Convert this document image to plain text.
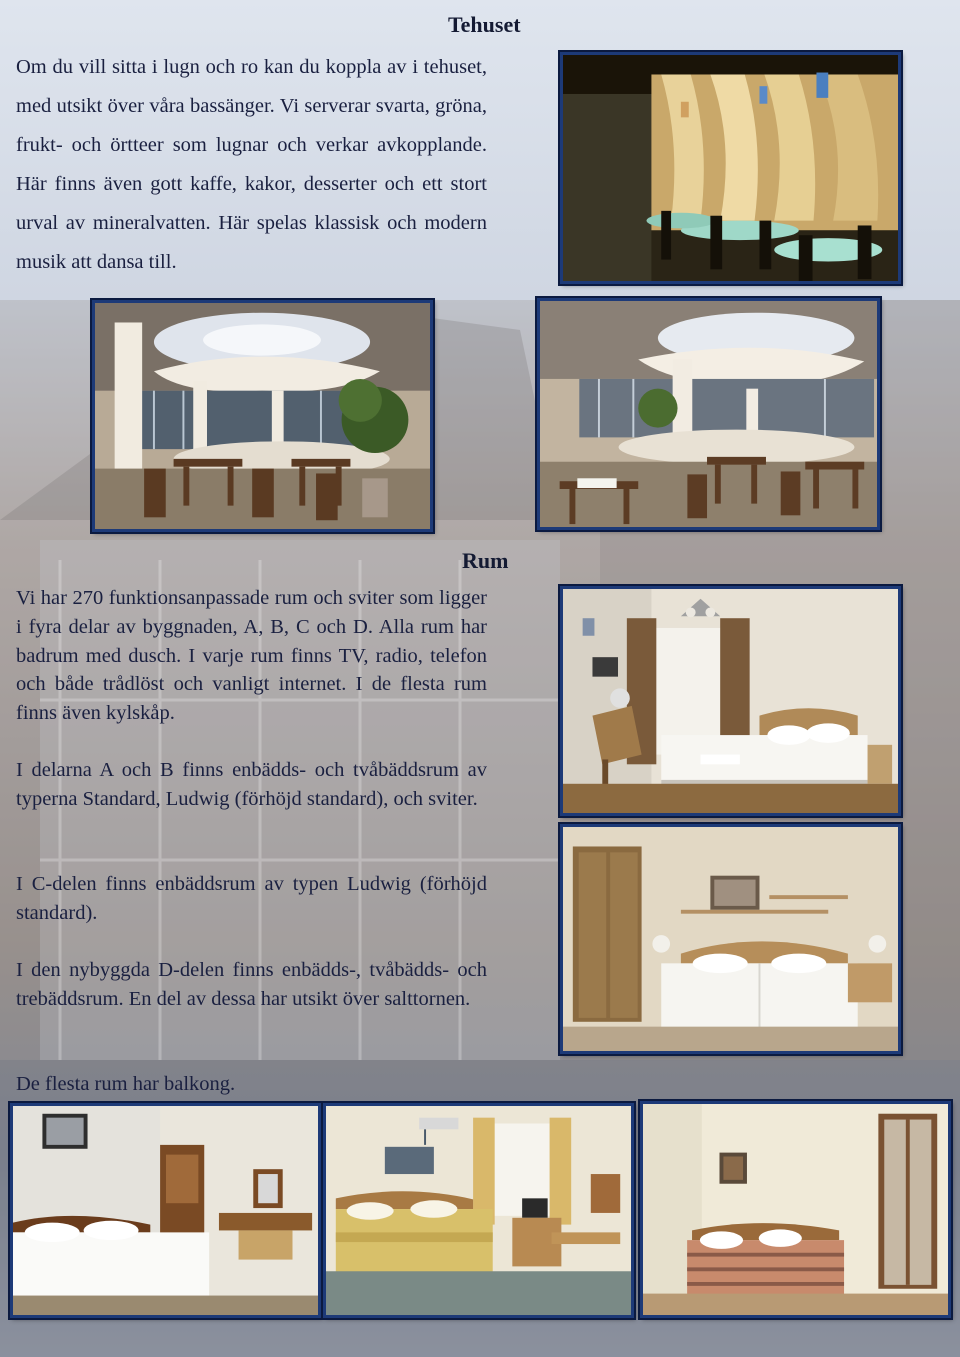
Tehuset
Om du vill sitta i lugn och ro kan du koppla av i tehuset, med utsikt över våra bassänger. Vi serverar svarta, gröna, frukt- och örtteer som lugnar och verkar avkopplande. Här finns även gott kaffe, kakor, desserter och ett stort urval av mineralvatten. Här spelas klassisk och modern musik att dansa till.
Rum
Vi har 270 funktionsanpassade rum och sviter som ligger i fyra delar av byggnaden, A, B, C och D. Alla rum har badrum med dusch. I varje rum finns TV, radio, telefon och både trådlöst och vanligt internet. I de flesta rum finns även kylskåp.
I delarna A och B finns enbädds- och tvåbäddsrum av typerna Standard, Ludwig (förhöjd standard), och sviter.
I C-delen finns enbäddsrum av typen Ludwig (förhöjd standard).
I den nybyggda D-delen finns enbädds-, tvåbädds- och trebäddsrum. En del av dessa har utsikt över salttornen.
De flesta rum har balkong.
